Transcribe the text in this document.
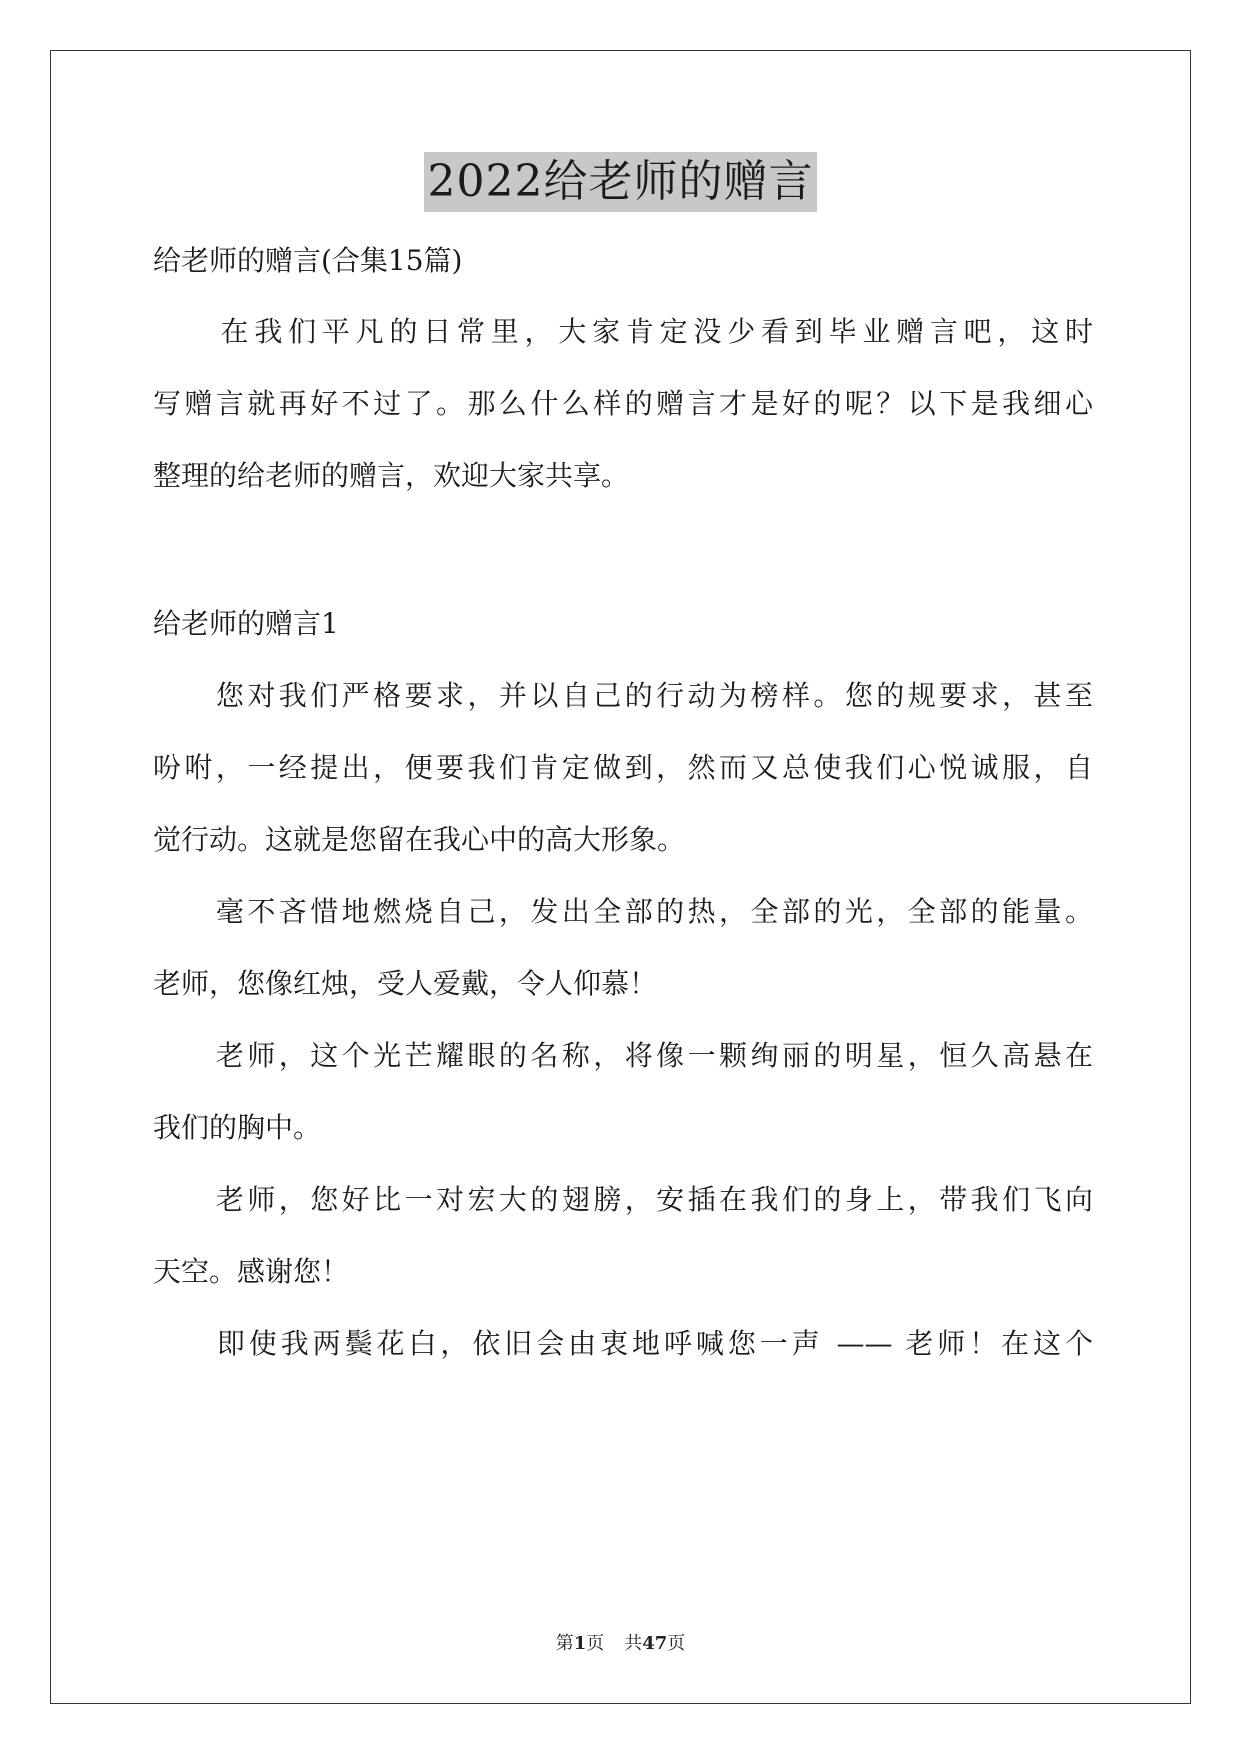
2022给老师的赠言
给老师的赠言(合集15篇)
　　在我们平凡的日常里，大家肯定没少看到毕业赠言吧，这时
写赠言就再好不过了。那么什么样的赠言才是好的呢？以下是我细心
整理的给老师的赠言，欢迎大家共享。
给老师的赠言1
　　您对我们严格要求，并以自己的行动为榜样。您的规要求，甚至
吩咐，一经提出，便要我们肯定做到，然而又总使我们心悦诚服，自
觉行动。这就是您留在我心中的高大形象。
　　毫不吝惜地燃烧自己，发出全部的热，全部的光，全部的能量。
老师，您像红烛，受人爱戴，令人仰慕！
　　老师，这个光芒耀眼的名称，将像一颗绚丽的明星，恒久高悬在
我们的胸中。
　　老师，您好比一对宏大的翅膀，安插在我们的身上，带我们飞向
天空。感谢您！
　　即使我两鬓花白，依旧会由衷地呼喊您一声 —— 老师！在这个
第1页 共47页
